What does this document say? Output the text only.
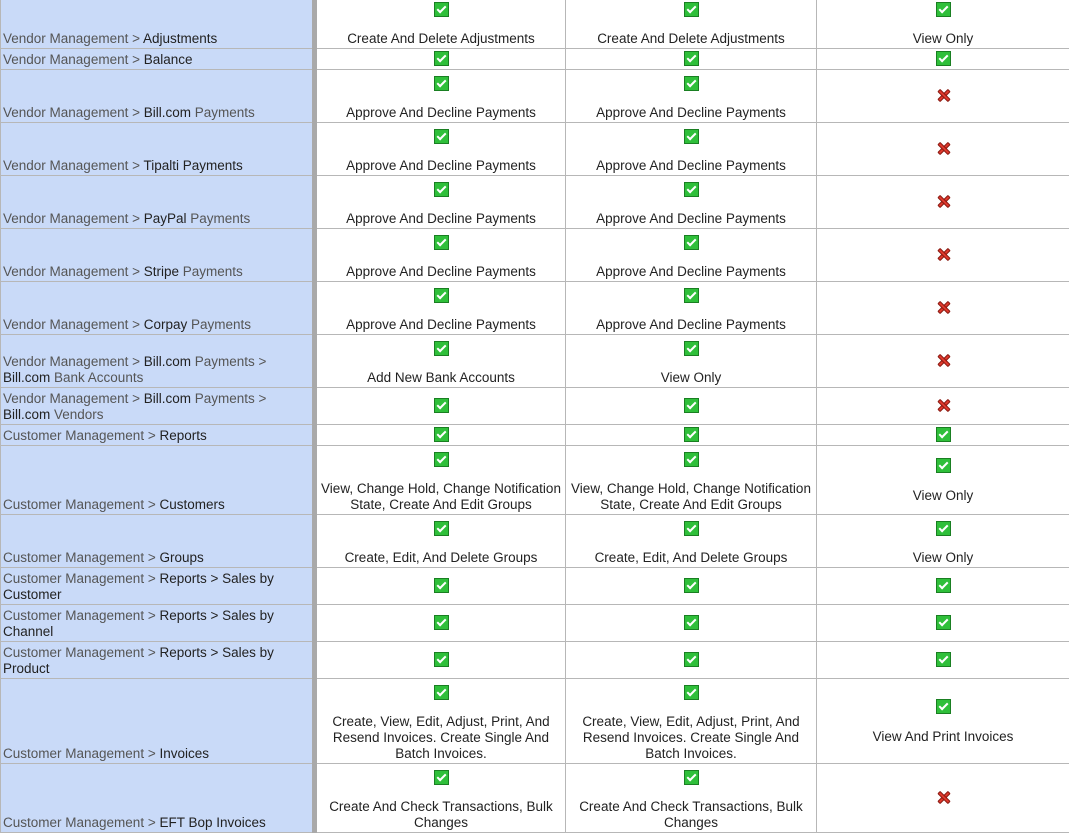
Vendor Management > Adjustments	Create And Delete Adjustments	Create And Delete Adjustments	View Only

Vendor Management > Balance	

Vendor Management > Bill.com Payments	Approve And Decline Payments	Approve And Decline Payments	

Vendor Management > Tipalti Payments	Approve And Decline Payments	Approve And Decline Payments	

Vendor Management > PayPal Payments	Approve And Decline Payments	Approve And Decline Payments	

Vendor Management > Stripe Payments	Approve And Decline Payments	Approve And Decline Payments	

Vendor Management > Corpay Payments	Approve And Decline Payments	Approve And Decline Payments	

Vendor Management > Bill.com Payments > Bill.com Bank Accounts	Add New Bank Accounts	View Only	

Vendor Management > Bill.com Payments > Bill.com Vendors	

Customer Management > Reports	

Customer Management > Customers	View, Change Hold, Change Notification State, Create And Edit Groups	View, Change Hold, Change Notification State, Create And Edit Groups	View Only

Customer Management > Groups	Create, Edit, And Delete Groups	Create, Edit, And Delete Groups	View Only

Customer Management > Reports > Sales by Customer	

Customer Management > Reports > Sales by Channel	

Customer Management > Reports > Sales by Product	

Customer Management > Invoices	Create, View, Edit, Adjust, Print, And Resend Invoices. Create Single And Batch Invoices.	Create, View, Edit, Adjust, Print, And Resend Invoices. Create Single And Batch Invoices.	View And Print Invoices

Customer Management > EFT Bop Invoices	Create And Check Transactions, Bulk Changes	Create And Check Transactions, Bulk Changes	
